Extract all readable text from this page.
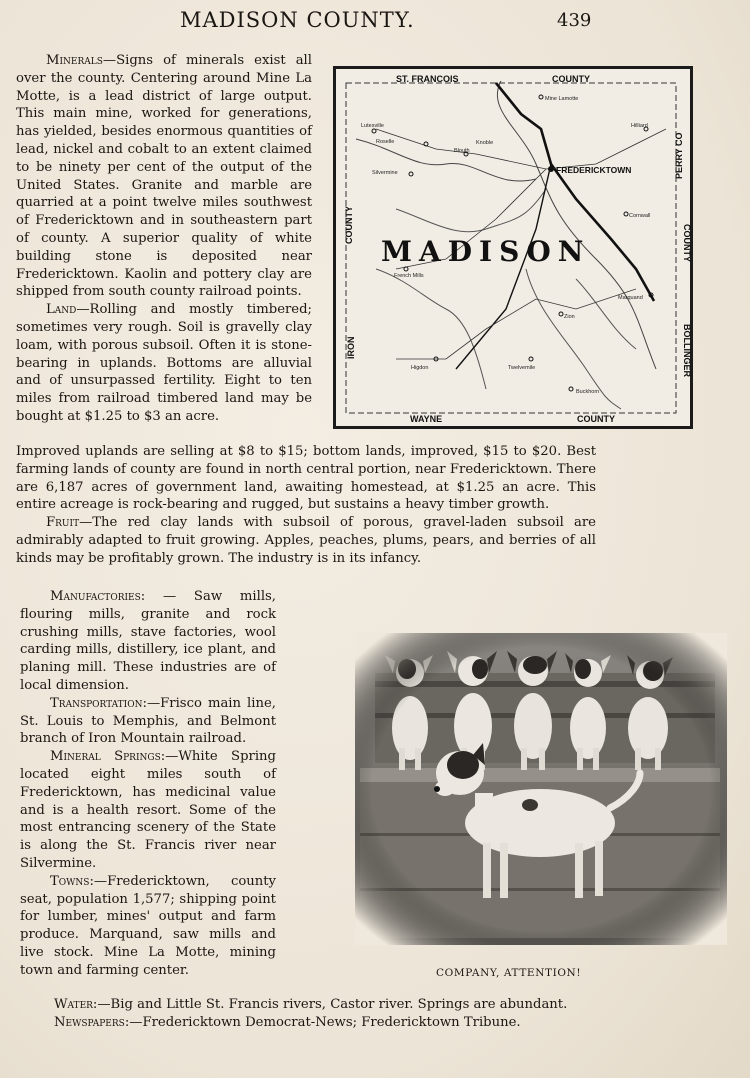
MADISON COUNTY.	439

Minerals—Signs of minerals exist all over the county. Centering around Mine La Motte, is a lead district of large output. This main mine, worked for generations, has yielded, besides enormous quantities of lead, nickel and cobalt to an extent claimed to be ninety per cent of the output of the United States. Granite and marble are quarried at a point twelve miles southwest of Fredericktown and in southeastern part of county. A superior quality of white building stone is deposited near Fredericktown. Kaolin and pottery clay are shipped from south county railroad points.

Land—Rolling and mostly timbered; sometimes very rough. Soil is gravelly clay loam, with porous subsoil. Often it is stone-bearing in uplands. Bottoms are alluvial and of unsurpassed fertility. Eight to ten miles from railroad timbered land may be bought at $1.25 to $3 an acre.

Improved uplands are selling at $8 to $15; bottom lands, improved, $15 to $20. Best farming lands of county are found in north central portion, near Fredericktown. There are 6,187 acres of government land, awaiting homestead, at $1.25 an acre. This entire acreage is rock-bearing and rugged, but sustains a heavy timber growth.

Fruit—The red clay lands with subsoil of porous, gravel-laden subsoil are admirably adapted to fruit growing. Apples, peaches, plums, pears, and berries of all kinds may be profitably grown. The industry is in its infancy.

Manufactories: — Saw mills, flouring mills, granite and rock crushing mills, stave factories, wool carding mills, distillery, ice plant, and planing mill. These industries are of local dimension.

Transportation:—Frisco main line, St. Louis to Memphis, and Belmont branch of Iron Mountain railroad.

Mineral Springs:—White Spring located eight miles south of Fredericktown, has medicinal value and is a health resort. Some of the most entrancing scenery of the State is along the St. Francis river near Silvermine.

Towns:—Fredericktown, county seat, population 1,577; shipping point for lumber, mines' output and farm produce. Marquand, saw mills and live stock. Mine La Motte, mining town and farming center.

Water:—Big and Little St. Francis rivers, Castor river. Springs are abundant.

Newspapers:—Fredericktown Democrat-News; Fredericktown Tribune.

ST. FRANCOIS	COUNTY
WAYNE	COUNTY
COUNTY
IRON
PERRY CO
COUNTY
BOLLINGER
FREDERICKTOWN
MADISON
Mine Lamotte
Knoble
Lutesville
Blouth
Silvermine
Hilliard
Cornwall
Marquand
French Mills
Zion
Twelvemile
Buckhorn
Higdon
Roselle
COMPANY, ATTENTION!
